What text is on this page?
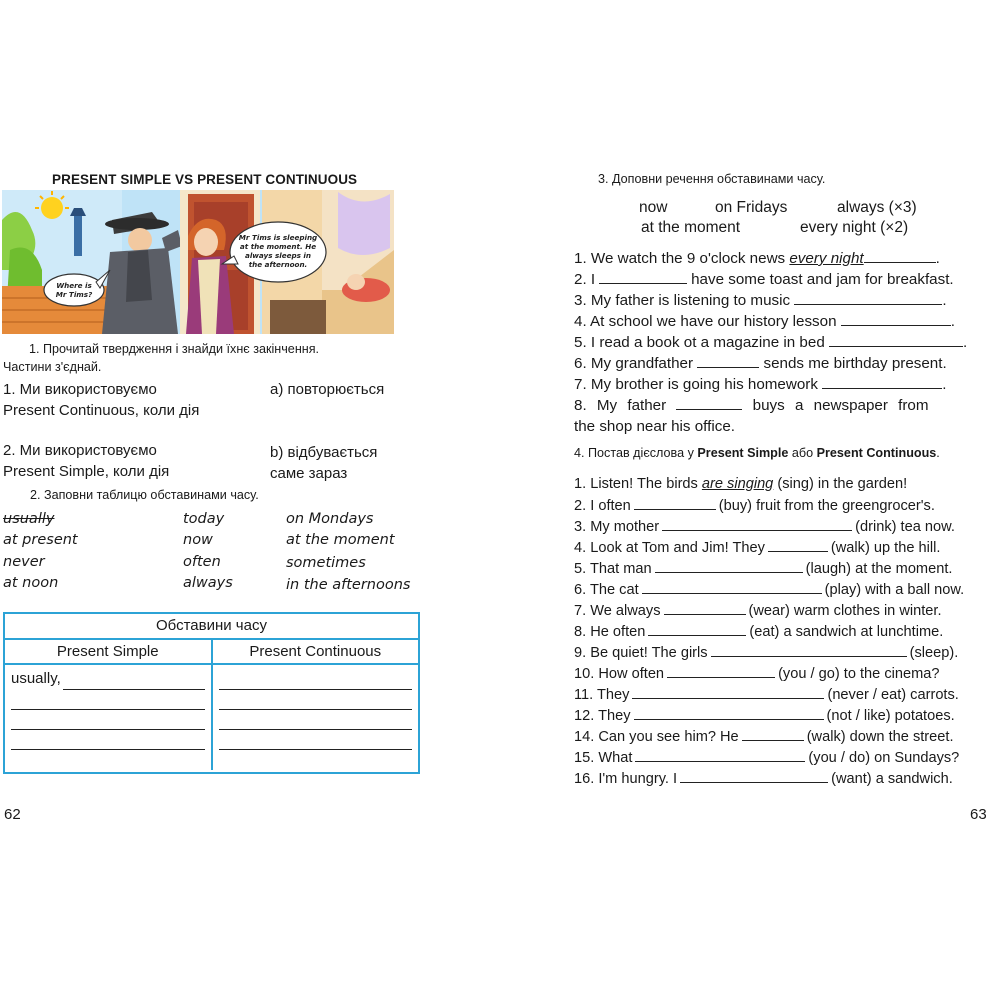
PRESENT SIMPLE VS PRESENT CONTINUOUS
Where is
Mr Tims?
Mr Tims is sleeping
at the moment. He
always sleeps in
the afternoon.
1. Прочитай твердження і знайди їхнє закінчення.
Частини з'єднай.
1. Ми використовуємо
Present Continuous, коли дія
a) повторюється
2. Ми використовуємо
Present Simple, коли дія
b) відбувається
саме зараз
2. Заповни таблицю обставинами часу.
usually	today	on Mondays
at present	now	at the moment
never	often	sometimes
at noon	always	in the afternoons
Обставини часу
Present Simple	Present Continuous
usually,
62
3. Доповни речення обставинами часу.
now	on Fridays	always (×3)
at the moment	every night (×2)
1. We watch the 9 o'clock news every night	.
2. I	have some toast and jam for breakfast.
3. My father is listening to music	.
4. At school we have our history lesson	.
5. I read a book ot a magazine in bed	.
6. My grandfather	sends me birthday present.
7. My brother is going his homework	.
8. My father	buys a newspaper from
the shop near his office.
4. Постав дієслова у Present Simple або Present Continuous.
1. Listen! The birds are singing (sing) in the garden!
2. I often	(buy) fruit from the greengrocer's.
3. My mother	(drink) tea now.
4. Look at Tom and Jim! They	(walk) up the hill.
5. That man	(laugh) at the moment.
6. The cat	(play) with a ball now.
7. We always	(wear) warm clothes in winter.
8. He often	(eat) a sandwich at lunchtime.
9. Be quiet! The girls	(sleep).
10. How often	(you / go) to the cinema?
11. They	(never / eat) carrots.
12. They	(not / like) potatoes.
14. Can you see him? He	(walk) down the street.
15. What	(you / do) on Sundays?
16. I'm hungry. I	(want) a sandwich.
63
